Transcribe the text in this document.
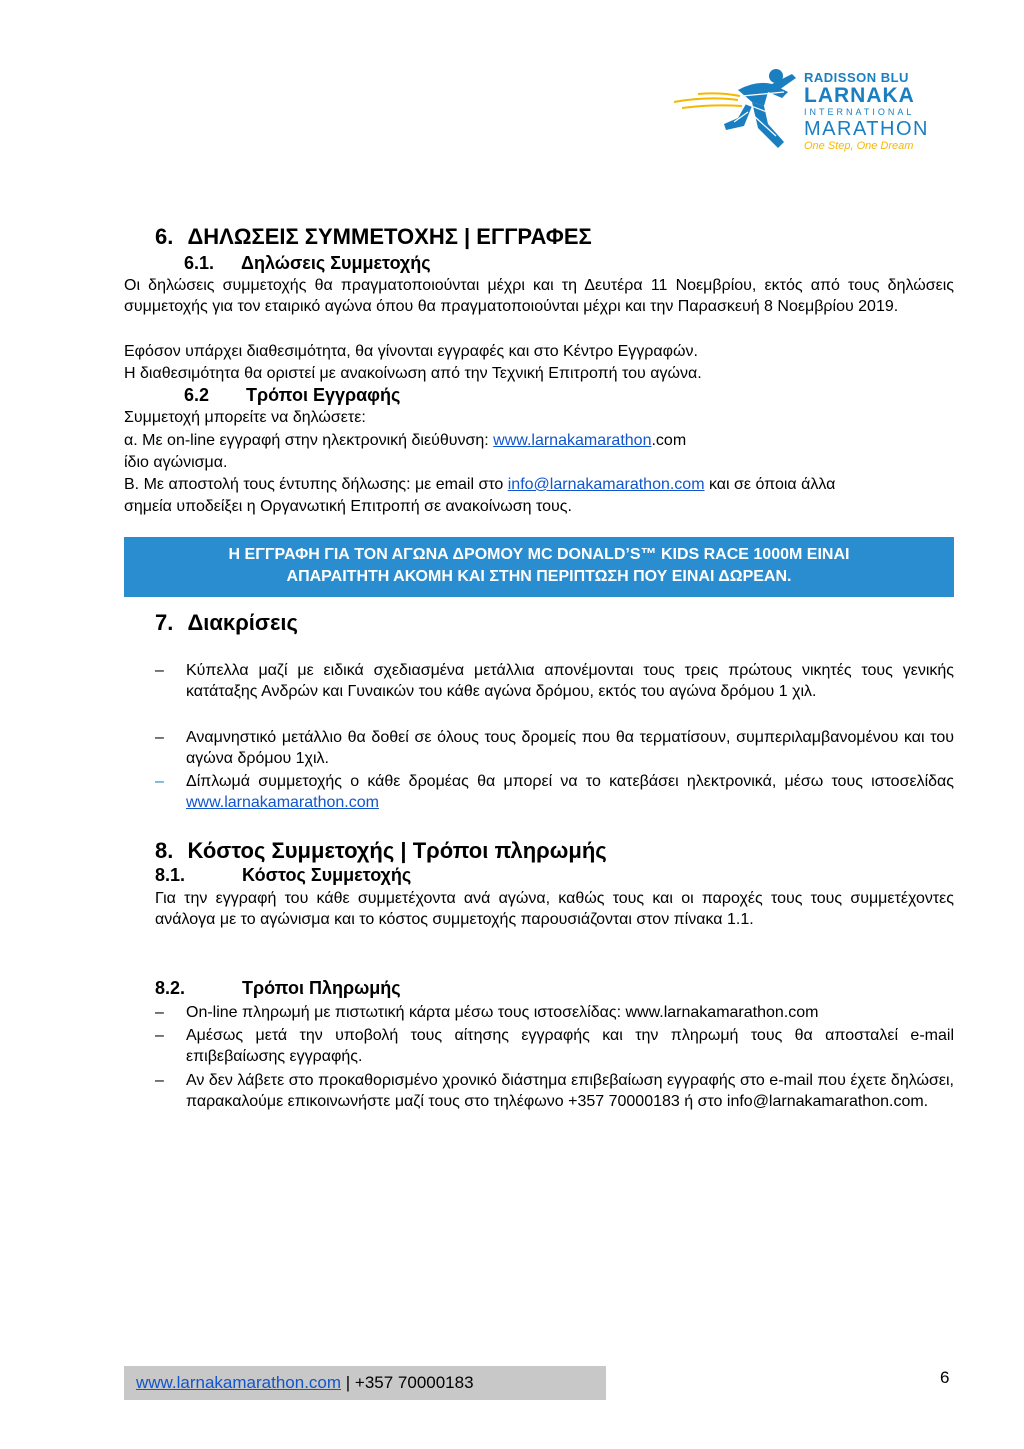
RADISSON BLU
LARNAKA
INTERNATIONAL
MARATHON
One Step, One Dream
6. ΔΗΛΩΣΕΙΣ ΣΥΜΜΕΤΟΧΗΣ | ΕΓΓΡΑΦΕΣ
6.1. Δηλώσεις Συμμετοχής
Οι δηλώσεις συμμετοχής θα πραγματοποιούνται μέχρι και τη Δευτέρα 11 Νοεμβρίου, εκτός από τους δηλώσεις συμμετοχής για τον εταιρικό αγώνα όπου θα πραγματοποιούνται μέχρι και την Παρασκευή 8 Νοεμβρίου 2019.
Εφόσον υπάρχει διαθεσιμότητα, θα γίνονται εγγραφές και στο Κέντρο Εγγραφών.
Η διαθεσιμότητα θα οριστεί με ανακοίνωση από την Τεχνική Επιτροπή του αγώνα.
6.2 Τρόποι Εγγραφής
Συμμετοχή μπορείτε να δηλώσετε:
α. Με on-line εγγραφή στην ηλεκτρονική διεύθυνση: www.larnakamarathon.com
ίδιο αγώνισμα.
Β. Με αποστολή τους έντυπης δήλωσης: με email στο info@larnakamarathon.com και σε όποια άλλα
σημεία υποδείξει η Οργανωτική Επιτροπή σε ανακοίνωση τους.
Η ΕΓΓΡΑΦΗ ΓΙΑ ΤΟΝ ΑΓΩΝΑ ΔΡΟΜΟΥ MC DONALD’S™ KIDS RACE 1000M ΕΙΝΑΙ
ΑΠΑΡΑΙΤΗΤΗ ΑΚΟΜΗ ΚΑΙ ΣΤΗΝ ΠΕΡΙΠΤΩΣΗ ΠΟΥ ΕΙΝΑΙ ΔΩΡΕΑΝ.
7. Διακρίσεις
– Κύπελλα μαζί με ειδικά σχεδιασμένα μετάλλια απονέμονται τους τρεις πρώτους νικητές τους γενικής κατάταξης Ανδρών και Γυναικών του κάθε αγώνα δρόμου, εκτός του αγώνα δρόμου 1 χιλ.
– Αναμνηστικό μετάλλιο θα δοθεί σε όλους τους δρομείς που θα τερματίσουν, συμπεριλαμβανομένου και του αγώνα δρόμου 1χιλ.
– Δίπλωμά συμμετοχής ο κάθε δρομέας θα μπορεί να το κατεβάσει ηλεκτρονικά, μέσω τους ιστοσελίδας www.larnakamarathon.com
8. Κόστος Συμμετοχής | Τρόποι πληρωμής
8.1.	Κόστος Συμμετοχής
Για την εγγραφή του κάθε συμμετέχοντα ανά αγώνα, καθώς τους και οι παροχές τους τους συμμετέχοντες ανάλογα με το αγώνισμα και το κόστος συμμετοχής παρουσιάζονται στον πίνακα 1.1.
8.2.	Τρόποι Πληρωμής
– On-line πληρωμή με πιστωτική κάρτα μέσω τους ιστοσελίδας: www.larnakamarathon.com
– Αμέσως μετά την υποβολή τους αίτησης εγγραφής και την πληρωμή τους θα αποσταλεί e-mail επιβεβαίωσης εγγραφής.
– Αν δεν λάβετε στο προκαθορισμένο χρονικό διάστημα επιβεβαίωση εγγραφής στο e-mail που έχετε δηλώσει, παρακαλούμε επικοινωνήστε μαζί τους στο τηλέφωνο +357 70000183 ή στο info@larnakamarathon.com.
www.larnakamarathon.com | +357 70000183	6
